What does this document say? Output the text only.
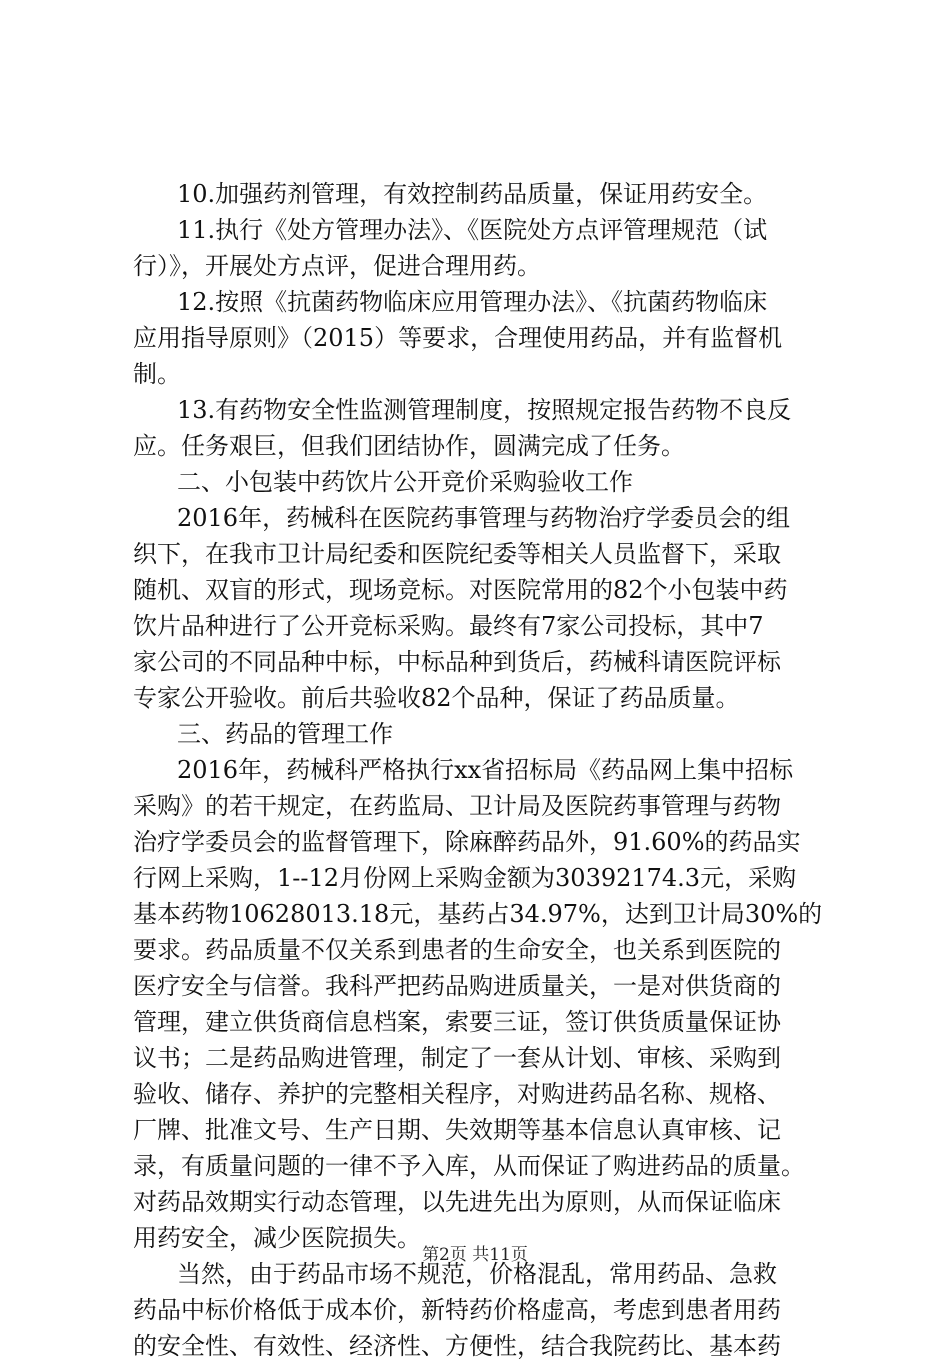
10.加强药剂管理，有效控制药品质量，保证用药安全。
11.执行《处方管理办法》、《医院处方点评管理规范（试
行）》，开展处方点评，促进合理用药。
12.按照《抗菌药物临床应用管理办法》、《抗菌药物临床
应用指导原则》（2015）等要求，合理使用药品，并有监督机
制。
13.有药物安全性监测管理制度，按照规定报告药物不良反
应。任务艰巨，但我们团结协作，圆满完成了任务。
二、小包装中药饮片公开竞价采购验收工作
2016年，药械科在医院药事管理与药物治疗学委员会的组
织下，在我市卫计局纪委和医院纪委等相关人员监督下，采取
随机、双盲的形式，现场竞标。对医院常用的82个小包装中药
饮片品种进行了公开竞标采购。最终有7家公司投标，其中7
家公司的不同品种中标，中标品种到货后，药械科请医院评标
专家公开验收。前后共验收82个品种，保证了药品质量。
三、药品的管理工作
2016年，药械科严格执行xx省招标局《药品网上集中招标
采购》的若干规定，在药监局、卫计局及医院药事管理与药物
治疗学委员会的监督管理下，除麻醉药品外，91.60%的药品实
行网上采购，1--12月份网上采购金额为30392174.3元，采购
基本药物10628013.18元，基药占34.97%，达到卫计局30%的
要求。药品质量不仅关系到患者的生命安全，也关系到医院的
医疗安全与信誉。我科严把药品购进质量关，一是对供货商的
管理，建立供货商信息档案，索要三证，签订供货质量保证协
议书；二是药品购进管理，制定了一套从计划、审核、采购到
验收、储存、养护的完整相关程序，对购进药品名称、规格、
厂牌、批准文号、生产日期、失效期等基本信息认真审核、记
录，有质量问题的一律不予入库，从而保证了购进药品的质量。
对药品效期实行动态管理，以先进先出为原则，从而保证临床
用药安全，减少医院损失。
当然，由于药品市场不规范，价格混乱，常用药品、急救
药品中标价格低于成本价，新特药价格虚高，考虑到患者用药
的安全性、有效性、经济性、方便性，结合我院药比、基本药
第2页 共11页
